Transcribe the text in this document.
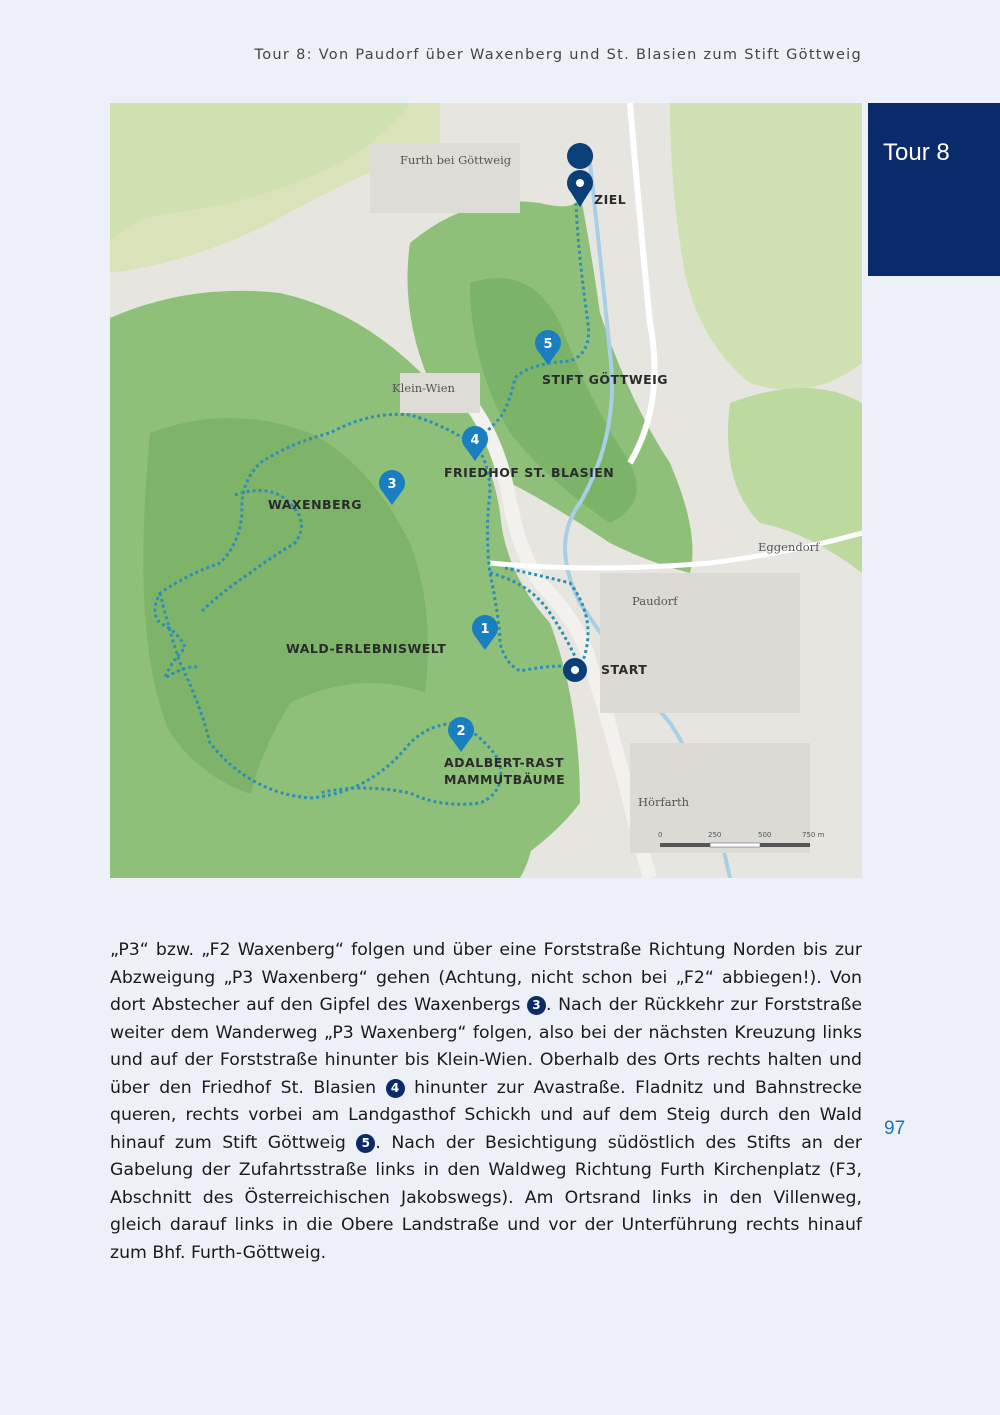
Tour 8: Von Paudorf über Waxenberg und St. Blasien zum Stift Göttweig
Tour 8
Furth bei Göttweig
Klein-Wien
Eggendorf
Paudorf
Hörfarth
ZIEL
5
STIFT GÖTTWEIG
4
FRIEDHOF ST. BLASIEN
3
WAXENBERG
1
WALD-ERLEBNISWELT
START
2
ADALBERT-RAST
MAMMUTBÄUME
0	250	500	750 m

„P3“ bzw. „F2 Waxenberg“ folgen und über eine Forststraße Richtung Norden bis zur Abzweigung „P3 Waxenberg“ gehen (Achtung, nicht schon bei „F2“ abbiegen!). Von dort Abstecher auf den Gipfel des Waxenbergs 3 . Nach der Rückkehr zur Forststraße weiter dem Wanderweg „P3 Waxenberg“ folgen, also bei der nächsten Kreuzung links und auf der Forststraße hinunter bis Klein-Wien. Oberhalb des Orts rechts halten und über den Friedhof St. Blasien 4 hinunter zur Avastraße. Fladnitz und Bahnstrecke queren, rechts vorbei am Landgasthof Schickh und auf dem Steig durch den Wald hinauf zum Stift Göttweig 5 . Nach der Besichtigung südöstlich des Stifts an der Gabelung der Zufahrtsstraße links in den Waldweg Richtung Furth Kirchenplatz (F3, Abschnitt des Österreichischen Jakobswegs). Am Ortsrand links in den Villenweg, gleich darauf links in die Obere Landstraße und vor der Unterführung rechts hinauf zum Bhf. Furth-Göttweig.

97
